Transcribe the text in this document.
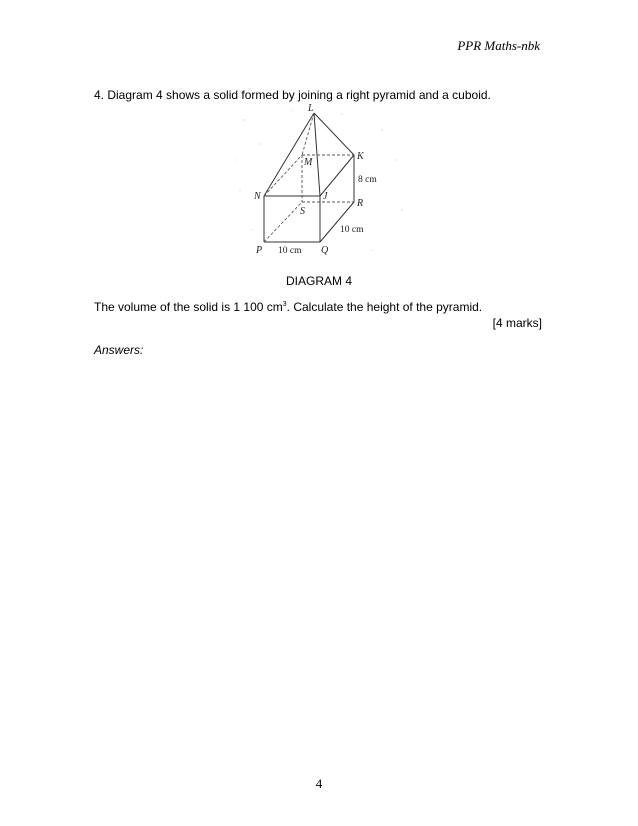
PPR Maths-nbk
4. Diagram 4 shows a solid formed by joining a right pyramid and a cuboid.
L
M
K
N	J
S
R
P	Q
8 cm
10 cm
10 cm
DIAGRAM 4
The volume of the solid is 1 100 $cm^3$. Calculate the height of the pyramid.
[4 marks]
Answers:
4
